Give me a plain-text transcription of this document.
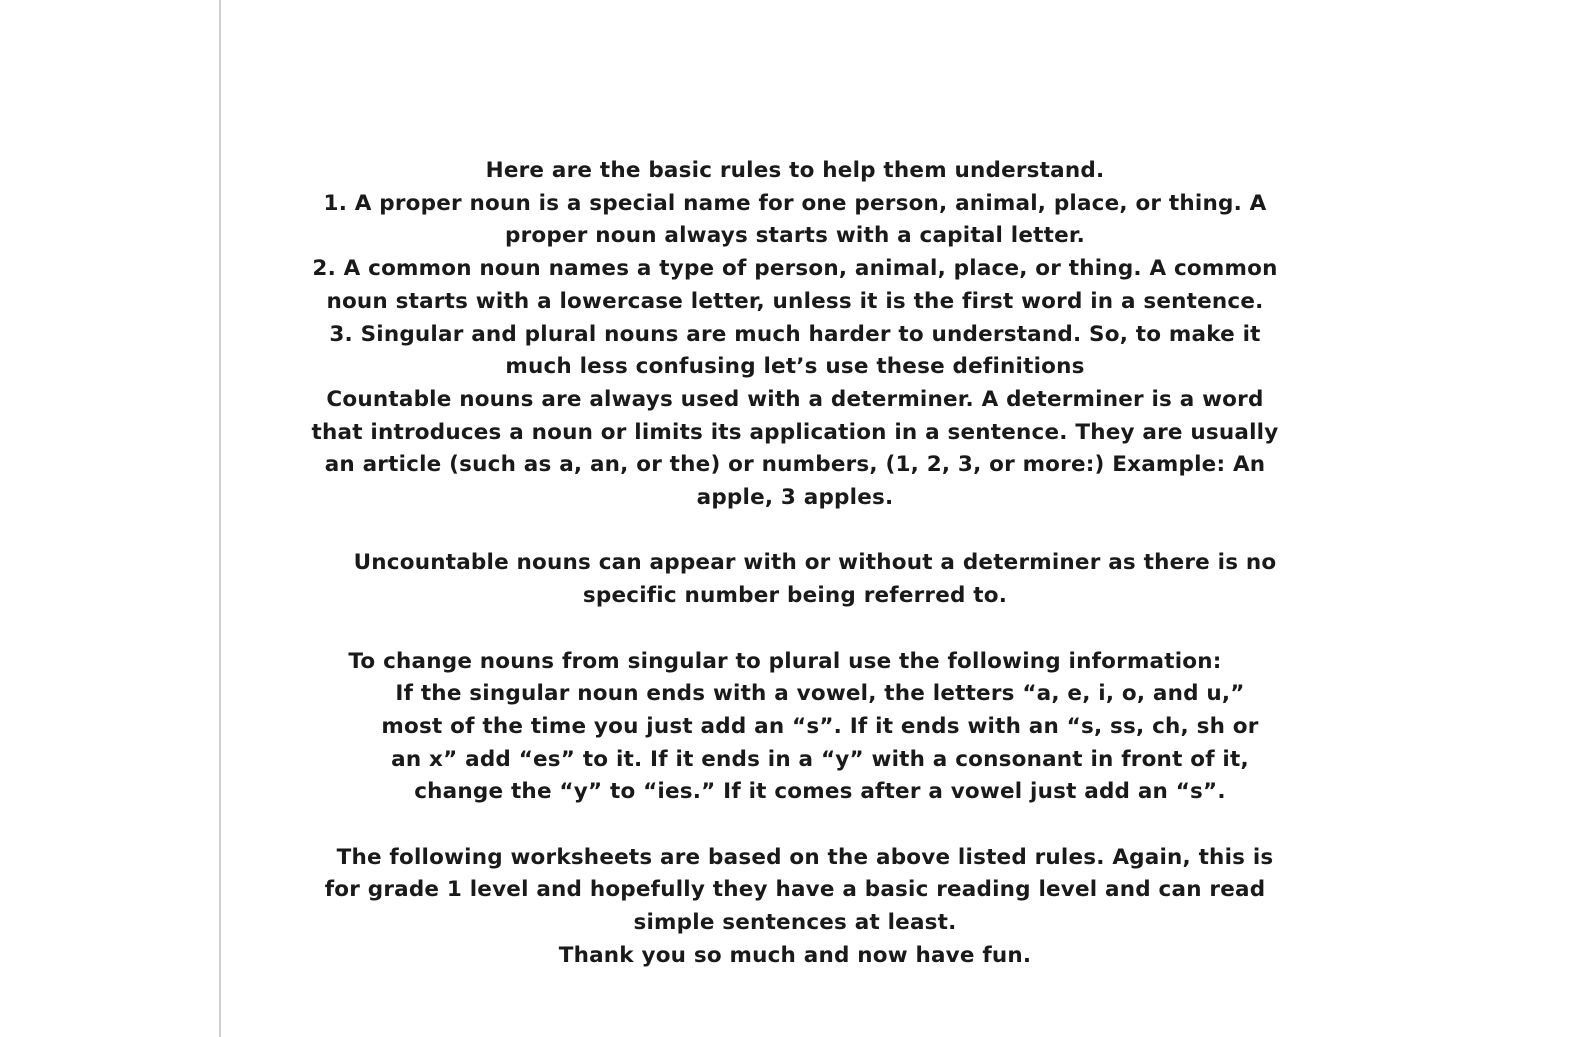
Here are the basic rules to help them understand.

1. A proper noun is a special name for one person, animal, place, or thing. A

proper noun always starts with a capital letter.

2. A common noun names a type of person, animal, place, or thing. A common

noun starts with a lowercase letter, unless it is the first word in a sentence.

3. Singular and plural nouns are much harder to understand. So, to make it

much less confusing let’s use these definitions

Countable nouns are always used with a determiner. A determiner is a word

that introduces a noun or limits its application in a sentence. They are usually

an article (such as a, an, or the) or numbers, (1, 2, 3, or more:) Example: An

apple, 3 apples.

Uncountable nouns can appear with or without a determiner as there is no

specific number being referred to.

To change nouns from singular to plural use the following information:

If the singular noun ends with a vowel, the letters “a, e, i, o, and u,”

most of the time you just add an “s”. If it ends with an “s, ss, ch, sh or

an x” add “es” to it. If it ends in a “y” with a consonant in front of it,

change the “y” to “ies.” If it comes after a vowel just add an “s”.

The following worksheets are based on the above listed rules. Again, this is

for grade 1 level and hopefully they have a basic reading level and can read

simple sentences at least.

Thank you so much and now have fun.
